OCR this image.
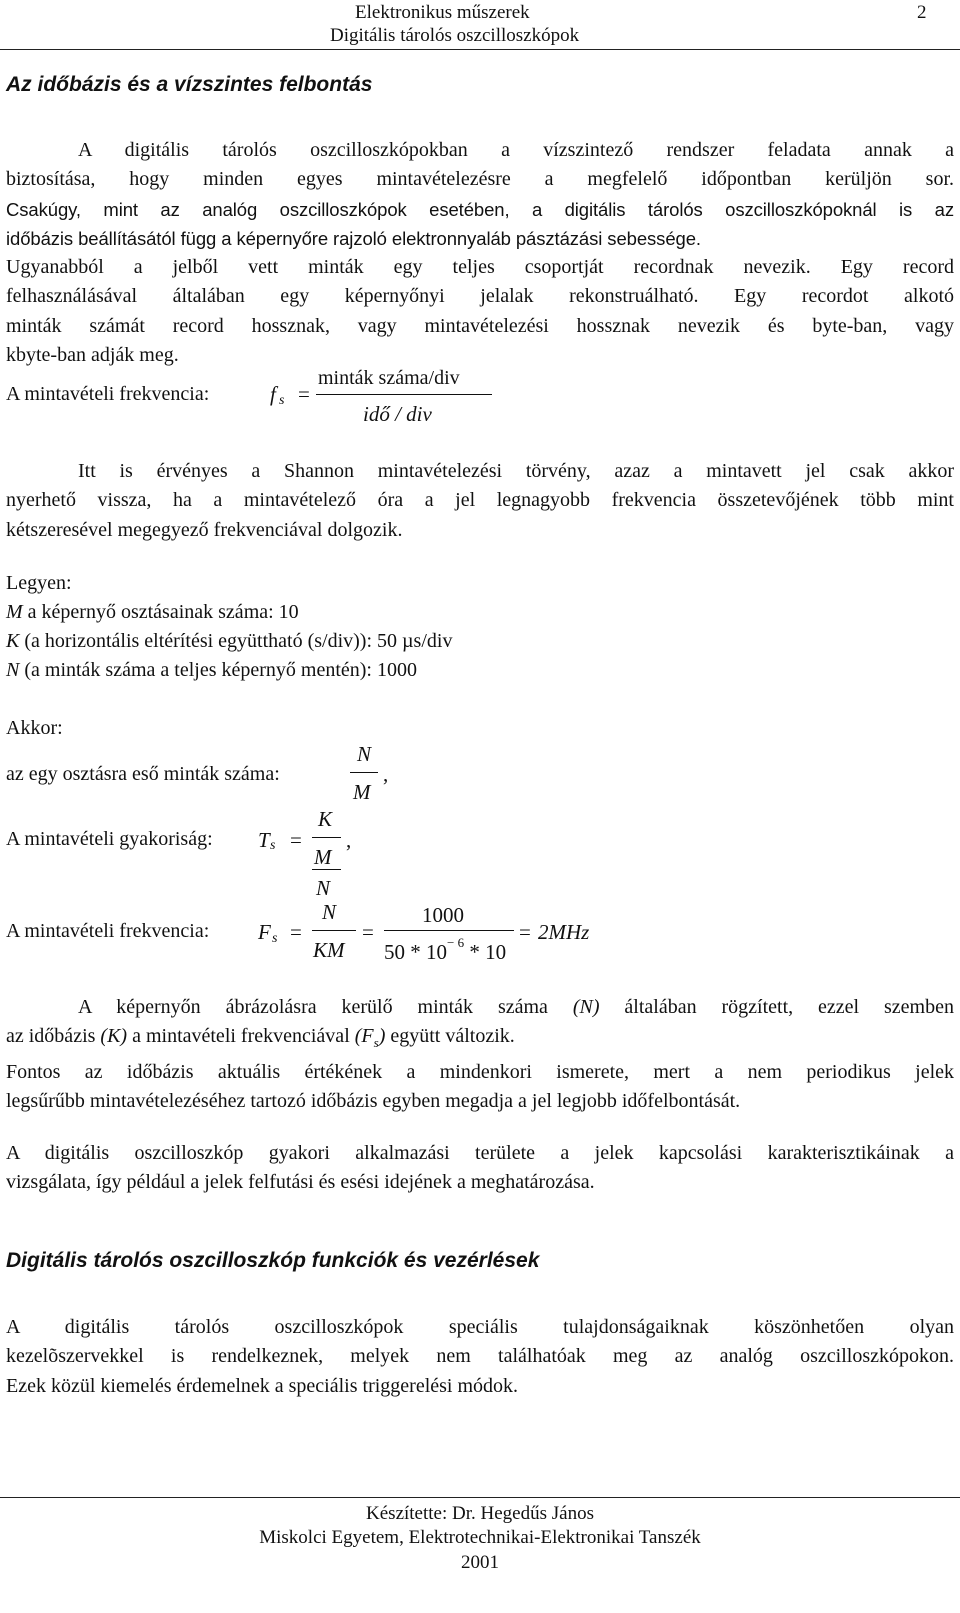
Elektronikus műszerek
Digitális tárolós oszcilloszkópok
2
Az időbázis és a vízszintes felbontás
A digitális tárolós oszcilloszkópokban a vízszintező rendszer feladata annak a
biztosítása, hogy minden egyes mintavételezésre a megfelelő időpontban kerüljön sor.
Csakúgy, mint az analóg oszcilloszkópok esetében, a digitális tárolós oszcilloszkópoknál is az
időbázis beállításától függ a képernyőre rajzoló elektronnyaláb pásztázási sebessége.
Ugyanabból a jelből vett minták egy teljes csoportját recordnak nevezik. Egy record
felhasználásával általában egy képernyőnyi jelalak rekonstruálható. Egy recordot alkotó
minták számát record hossznak, vagy mintavételezési hossznak nevezik és byte-ban, vagy
kbyte-ban adják meg.
A mintavételi frekvencia:	f s =
minták száma/div
idő / div
Itt is érvényes a Shannon mintavételezési törvény, azaz a mintavett jel csak akkor
nyerhető vissza, ha a mintavételező óra a jel legnagyobb frekvencia összetevőjének több mint
kétszeresével megegyező frekvenciával dolgozik.
Legyen:
M a képernyő osztásainak száma: 10
K (a horizontális eltérítési együttható (s/div)): 50 µs/div
N (a minták száma a teljes képernyő mentén): 1000
Akkor:
az egy osztásra eső minták száma:
N
M
,
A mintavételi gyakoriság: T s =
K
M
N
,
A mintavételi frekvencia: F s =
N
KM
=
1000
$50 * 10^{- 6} * 10$
= 2MHz
A képernyőn ábrázolásra kerülő minták száma (N) általában rögzített, ezzel szemben
az időbázis (K) a mintavételi frekvenciával $(F_s)$ együtt változik.
Fontos az időbázis aktuális értékének a mindenkori ismerete, mert a nem periodikus jelek
legsűrűbb mintavételezéséhez tartozó időbázis egyben megadja a jel legjobb időfelbontását.
A digitális oszcilloszkóp gyakori alkalmazási területe a jelek kapcsolási karakterisztikáinak a
vizsgálata, így például a jelek felfutási és esési idejének a meghatározása.
Digitális tárolós oszcilloszkóp funkciók és vezérlések
A digitális tárolós oszcilloszkópok speciális tulajdonságaiknak köszönhetően olyan
kezelõszervekkel is rendelkeznek, melyek nem találhatóak meg az analóg oszcilloszkópokon.
Ezek közül kiemelés érdemelnek a speciális triggerelési módok.
Készítette: Dr. Hegedűs János
Miskolci Egyetem, Elektrotechnikai-Elektronikai Tanszék
2001
